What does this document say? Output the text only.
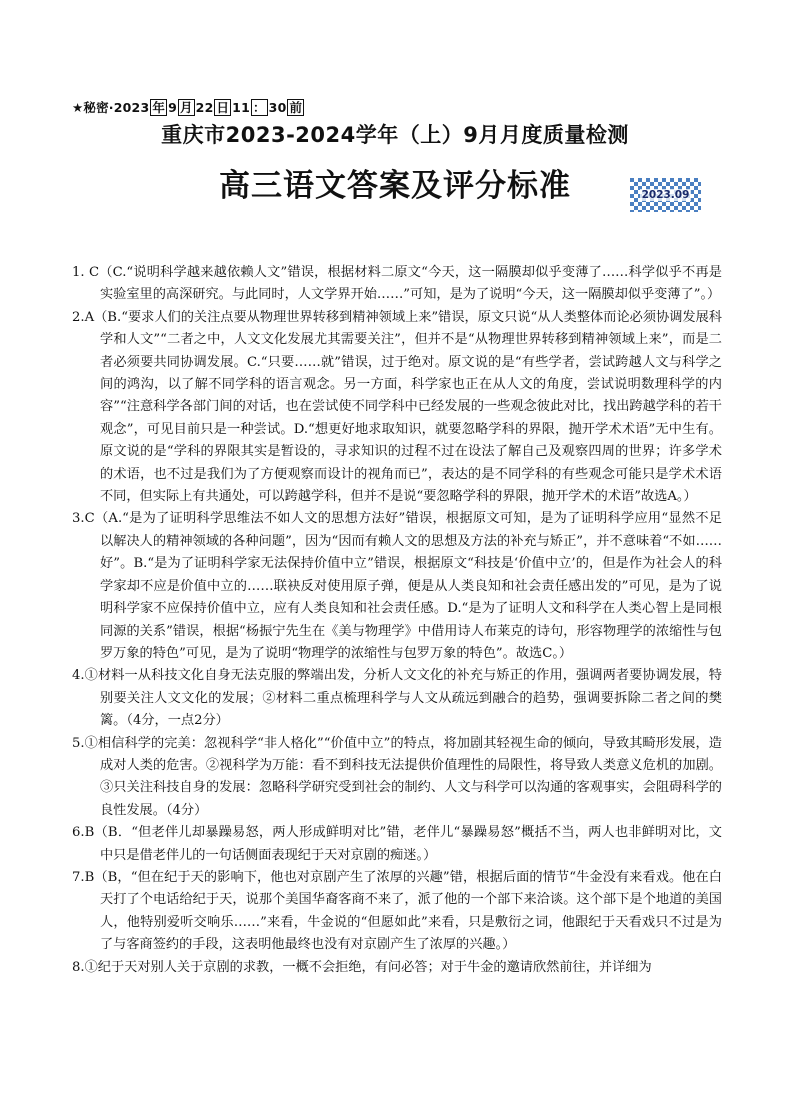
★秘密·2023 年 9 月 22 日 11 ： 30 前
重庆市2023-2024学年（上）9月月度质量检测
高三语文答案及评分标准	2023.09

1. C（C.“说明科学越来越依赖人文”错误，根据材料二原文“今天，这一隔膜却似乎变薄了……科学似乎不再是实验室里的高深研究。与此同时，人文学界开始……”可知，是为了说明“今天，这一隔膜却似乎变薄了”。）

2.A（B.“要求人们的关注点要从物理世界转移到精神领域上来”错误，原文只说“从人类整体而论必须协调发展科学和人文”“二者之中，人文文化发展尤其需要关注”，但并不是“从物理世界转移到精神领域上来”，而是二者必须要共同协调发展。C.“只要……就”错误，过于绝对。原文说的是“有些学者，尝试跨越人文与科学之间的鸿沟，以了解不同学科的语言观念。另一方面，科学家也正在从人文的角度，尝试说明数理科学的内容”“注意科学各部门间的对话，也在尝试使不同学科中已经发展的一些观念彼此对比，找出跨越学科的若干观念”，可见目前只是一种尝试。D.“想更好地求取知识，就要忽略学科的界限，抛开学术术语”无中生有。原文说的是“学科的界限其实是暂设的，寻求知识的过程不过在设法了解自己及观察四周的世界；许多学术的术语，也不过是我们为了方便观察而设计的视角而已”，表达的是不同学科的有些观念可能只是学术术语不同，但实际上有共通处，可以跨越学科，但并不是说“要忽略学科的界限，抛开学术的术语”故选A。）

3.C（A.“是为了证明科学思维法不如人文的思想方法好”错误，根据原文可知，是为了证明科学应用“显然不足以解决人的精神领域的各种问题”，因为“因而有赖人文的思想及方法的补充与矫正”，并不意味着“不如……好”。B.“是为了证明科学家无法保持价值中立”错误，根据原文“科技是‘价值中立’的，但是作为社会人的科学家却不应是价值中立的……联袂反对使用原子弹，便是从人类良知和社会责任感出发的”可见，是为了说明科学家不应保持价值中立，应有人类良知和社会责任感。D.“是为了证明人文和科学在人类心智上是同根同源的关系”错误，根据“杨振宁先生在《美与物理学》中借用诗人布莱克的诗句，形容物理学的浓缩性与包罗万象的特色”可见，是为了说明“物理学的浓缩性与包罗万象的特色”。故选C。）

4.①材料一从科技文化自身无法克服的弊端出发，分析人文文化的补充与矫正的作用，强调两者要协调发展，特别要关注人文文化的发展；②材料二重点梳理科学与人文从疏远到融合的趋势，强调要拆除二者之间的樊篱。（4分，一点2分）

5.①相信科学的完美：忽视科学“非人格化”“价值中立”的特点，将加剧其轻视生命的倾向，导致其畸形发展，造成对人类的危害。②视科学为万能：看不到科技无法提供价值理性的局限性，将导致人类意义危机的加剧。③只关注科技自身的发展：忽略科学研究受到社会的制约、人文与科学可以沟通的客观事实，会阻碍科学的良性发展。（4分）

6.B（B．“但老伴儿却暴躁易怒，两人形成鲜明对比”错，老伴儿“暴躁易怒”概括不当，两人也非鲜明对比，文中只是借老伴儿的一句话侧面表现纪于天对京剧的痴迷。）

7.B（B，“但在纪于天的影响下，他也对京剧产生了浓厚的兴趣”错，根据后面的情节“牛金没有来看戏。他在白天打了个电话给纪于天，说那个美国华裔客商不来了，派了他的一个部下来洽谈。这个部下是个地道的美国人，他特别爱听交响乐……”来看，牛金说的“但愿如此”来看，只是敷衍之词，他跟纪于天看戏只不过是为了与客商签约的手段，这表明他最终也没有对京剧产生了浓厚的兴趣。）

8.①纪于天对别人关于京剧的求教，一概不会拒绝，有问必答；对于牛金的邀请欣然前往，并详细为
